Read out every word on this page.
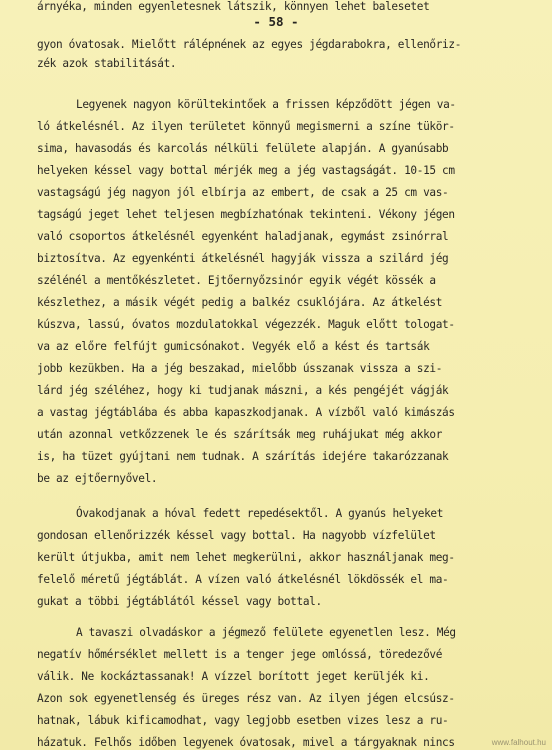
- 58 -
gyon óvatosak. Mielőtt rálépnének az egyes jégdarabokra, ellenőriz-
zék azok stabilitását.
Legyenek nagyon körültekintőek a frissen képződött jégen va-
ló átkelésnél. Az ilyen területet könnyű megismerni a színe tükör-
sima, havasodás és karcolás nélküli felülete alapján. A gyanúsabb
helyeken késsel vagy bottal mérjék meg a jég vastagságát. 10-15 cm
vastagságú jég nagyon jól elbírja az embert, de csak a 25 cm vas-
tagságú jeget lehet teljesen megbízhatónak tekinteni. Vékony jégen
való csoportos átkelésnél egyenként haladjanak, egymást zsinórral
biztosítva. Az egyenkénti átkelésnél hagyják vissza a szilárd jég
szélénél a mentőkészletet. Ejtőernyőzsinór egyik végét kössék a
készlethez, a másik végét pedig a balkéz csuklójára. Az átkelést
kúszva, lassú, óvatos mozdulatokkal végezzék. Maguk előtt tologat-
va az előre felfújt gumicsónakot. Vegyék elő a kést és tartsák
jobb kezükben. Ha a jég beszakad, mielőbb ússzanak vissza a szi-
lárd jég széléhez, hogy ki tudjanak mászni, a kés pengéjét vágják
a vastag jégtáblába és abba kapaszkodjanak. A vízből való kimászás
után azonnal vetkőzzenek le és szárítsák meg ruhájukat még akkor
is, ha tüzet gyújtani nem tudnak. A szárítás idejére takarózzanak
be az ejtőernyővel.
Óvakodjanak a hóval fedett repedésektől. A gyanús helyeket
gondosan ellenőrizzék késsel vagy bottal. Ha nagyobb vízfelület
került útjukba, amit nem lehet megkerülni, akkor használjanak meg-
felelő méretű jégtáblát. A vízen való átkelésnél lökdössék el ma-
gukat a többi jégtáblától késsel vagy bottal.
A tavaszi olvadáskor a jégmező felülete egyenetlen lesz. Még
negatív hőmérséklet mellett is a tenger jege omlóssá, töredezővé
válik. Ne kockáztassanak! A vízzel borított jeget kerüljék ki.
Azon sok egyenetlenség és üreges rész van. Az ilyen jégen elcsúsz-
hatnak, lábuk kificamodhat, vagy legjobb esetben vizes lesz a ru-
házatuk. Felhős időben legyenek óvatosak, mivel a tárgyaknak nincs
árnyéka, minden egyenletesnek látszik, könnyen lehet balesetet
www.falhout.hu
